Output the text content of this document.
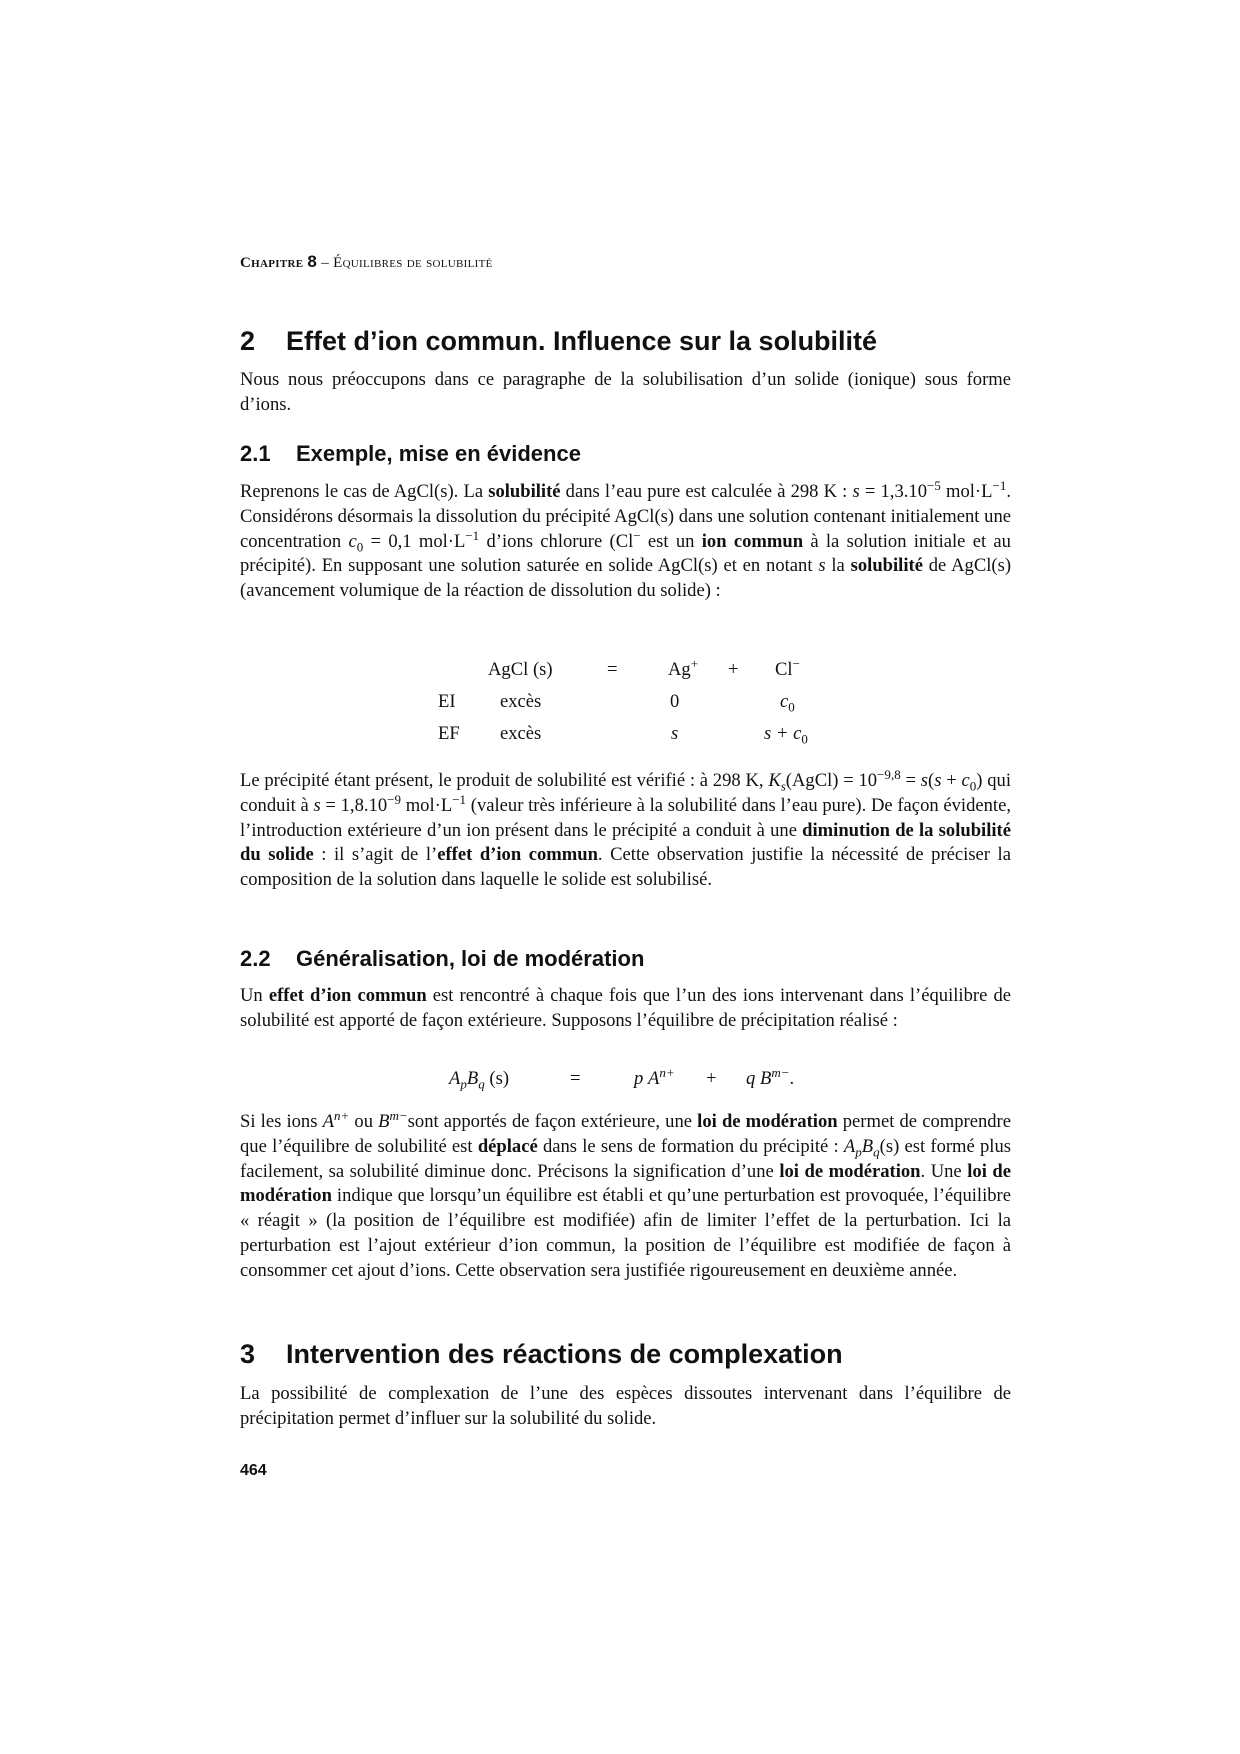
Chapitre 8 – Équilibres de solubilité
2 Effet d’ion commun. Influence sur la solubilité
Nous nous préoccupons dans ce paragraphe de la solubilisation d’un solide (ionique) sous forme d’ions.
2.1 Exemple, mise en évidence
Reprenons le cas de AgCl(s). La solubilité dans l’eau pure est calculée à 298 K : $s = 1,3.10^{-5}$ $mol\cdot L^{-1}$. Considérons désormais la dissolution du précipité AgCl(s) dans une solution contenant initialement une concentration $c_0 = 0,1$ $mol\cdot L^{-1}$ d’ions chlorure (Cl− est un ion commun à la solution initiale et au précipité). En supposant une solution saturée en solide AgCl(s) et en notant s la solubilité de AgCl(s) (avancement volumique de la réaction de dissolution du solide) :
AgCl (s)	=	Ag+ + Cl−
EI excès	0	$c_0$
EF excès	s	$s + c_0$
Le précipité étant présent, le produit de solubilité est vérifié : à 298 K, $K_s(AgCl) = 10^{-9,8} = s(s + c_0)$ qui conduit à $s = 1,8.10^{-9}$ $mol\cdot L^{-1}$ (valeur très inférieure à la solubilité dans l’eau pure). De façon évidente, l’introduction extérieure d’un ion présent dans le précipité a conduit à une diminution de la solubilité du solide : il s’agit de l’effet d’ion commun. Cette observation justifie la nécessité de préciser la composition de la solution dans laquelle le solide est solubilisé.
2.2 Généralisation, loi de modération
Un effet d’ion commun est rencontré à chaque fois que l’un des ions intervenant dans l’équilibre de solubilité est apporté de façon extérieure. Supposons l’équilibre de précipitation réalisé :
$A_pB_q$ (s)	=	p $A^{n+} + q$ $B^{m-}$.
Si les ions $A^{n+}$ ou $B^{m-}sont$ apportés de façon extérieure, une loi de modération permet de comprendre que l’équilibre de solubilité est déplacé dans le sens de formation du précipité : $A_pB_q(s)$ est formé plus facilement, sa solubilité diminue donc. Précisons la signification d’une loi de modération. Une loi de modération indique que lorsqu’un équilibre est établi et qu’une perturbation est provoquée, l’équilibre « réagit » (la position de l’équilibre est modifiée) afin de limiter l’effet de la perturbation. Ici la perturbation est l’ajout extérieur d’ion commun, la position de l’équilibre est modifiée de façon à consommer cet ajout d’ions. Cette observation sera justifiée rigoureusement en deuxième année.
3 Intervention des réactions de complexation
La possibilité de complexation de l’une des espèces dissoutes intervenant dans l’équilibre de précipitation permet d’influer sur la solubilité du solide.
464
